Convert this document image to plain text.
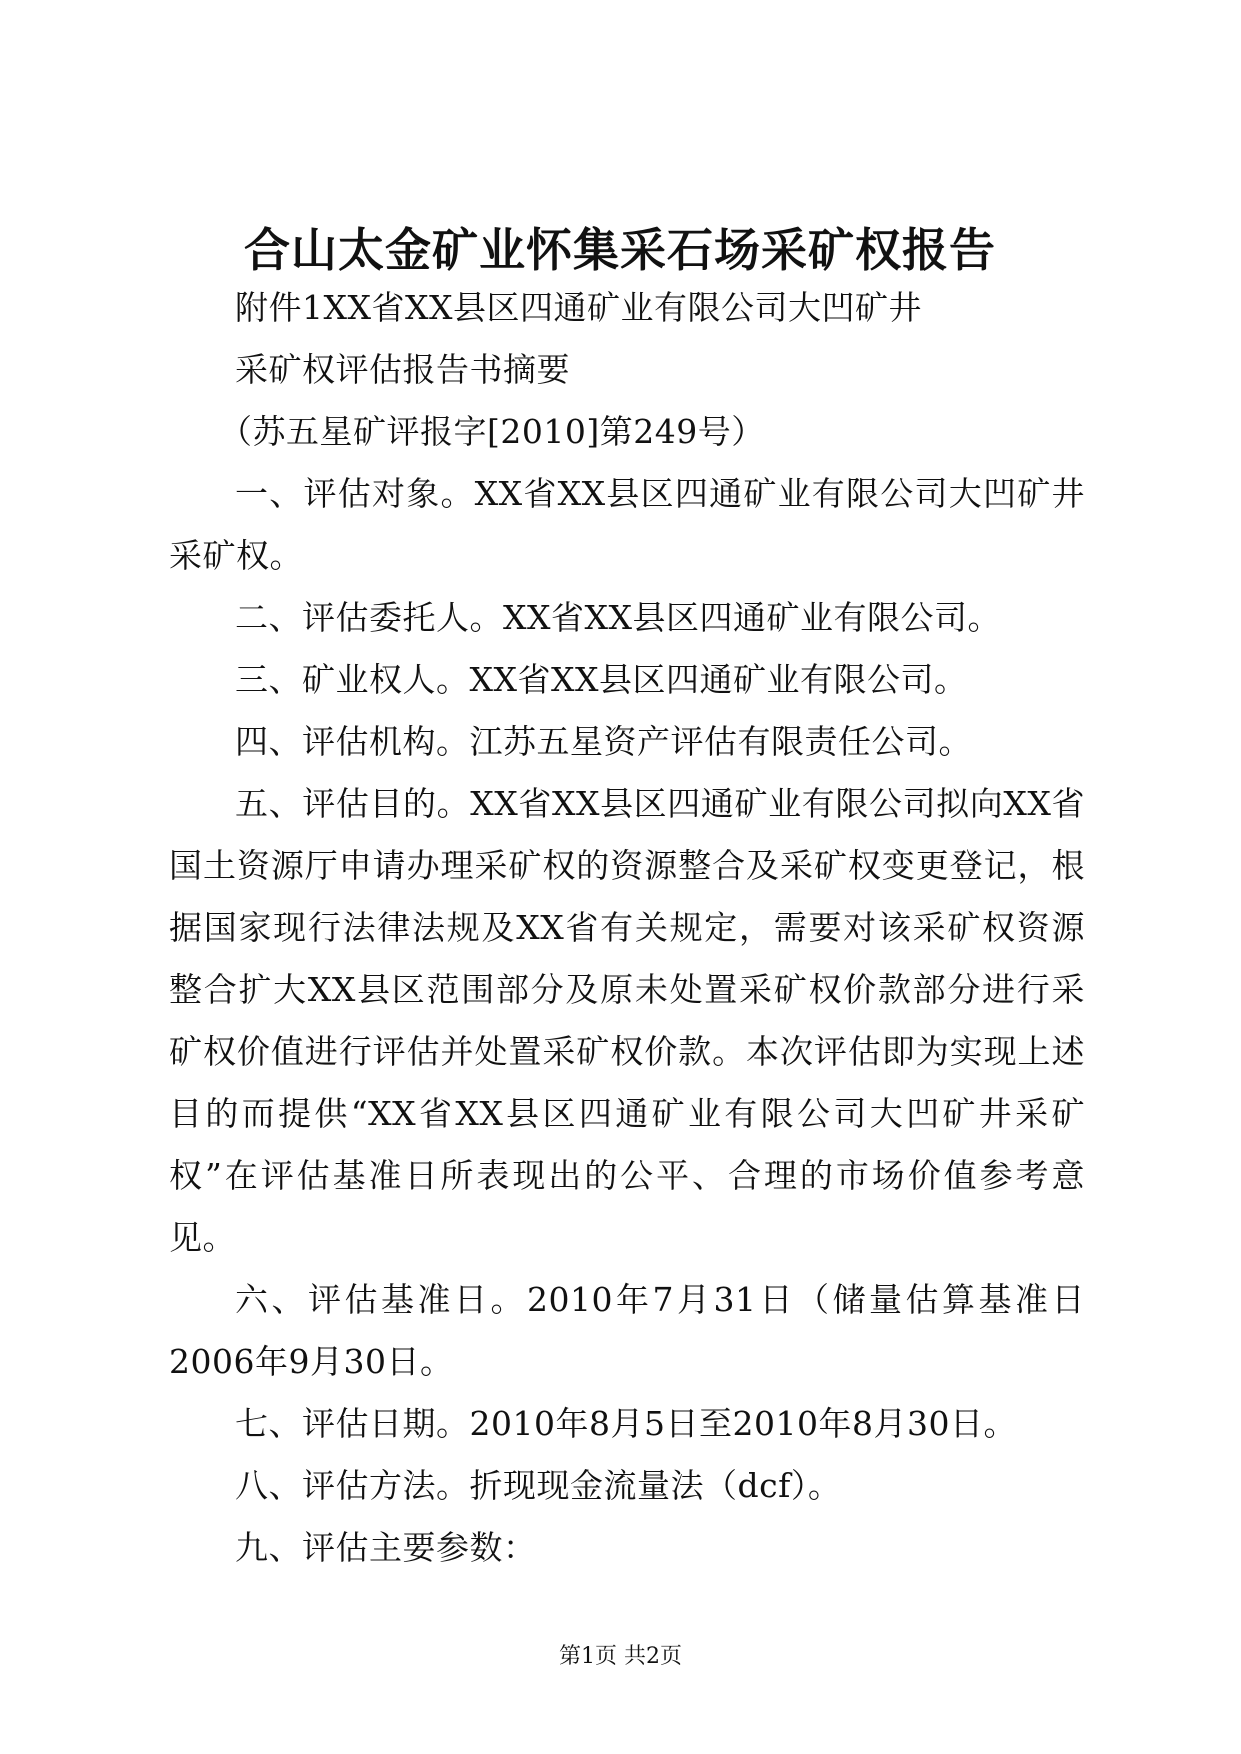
合山太金矿业怀集采石场采矿权报告

附件1XX省XX县区四通矿业有限公司大凹矿井

采矿权评估报告书摘要

（苏五星矿评报字[2010]第249号）

一、评估对象。XX省XX县区四通矿业有限公司大凹矿井采矿权。

二、评估委托人。XX省XX县区四通矿业有限公司。

三、矿业权人。XX省XX县区四通矿业有限公司。

四、评估机构。江苏五星资产评估有限责任公司。

五、评估目的。XX省XX县区四通矿业有限公司拟向XX省国土资源厅申请办理采矿权的资源整合及采矿权变更登记，根据国家现行法律法规及XX省有关规定，需要对该采矿权资源整合扩大XX县区范围部分及原未处置采矿权价款部分进行采矿权价值进行评估并处置采矿权价款。本次评估即为实现上述目的而提供“XX省XX县区四通矿业有限公司大凹矿井采矿权”在评估基准日所表现出的公平、合理的市场价值参考意见。

六、评估基准日。2010年7月31日（储量估算基准日2006年9月30日。

七、评估日期。2010年8月5日至2010年8月30日。

八、评估方法。折现现金流量法（dcf）。

九、评估主要参数：

第1页 共2页
